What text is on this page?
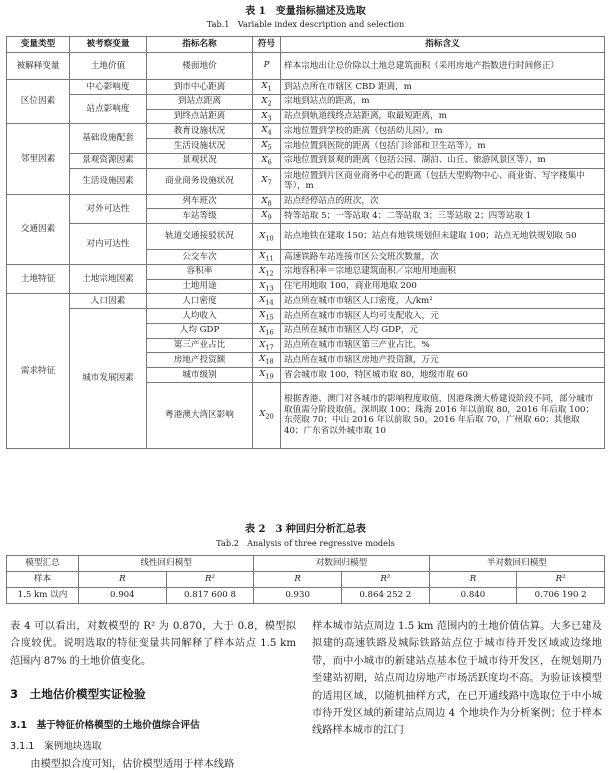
表 1　变量指标描述及选取
Tab.1　Variable index description and selection
变量类型	被考察变量	指标名称	符号	指标含义
被解释变量	土地价值	楼面地价	P	样本宗地出让总价除以土地总建筑面积（采用房地产指数进行时间修正）
区位因素	中心影响度	到市中心距离	$X_1$	到站点所在市辖区 CBD 距离，m
	站点影响度	到站点距离	$X_2$	宗地到站点的距离，m
		到终点站距离	$X_3$	站点到轨道线终点站距离，取最短距离，m
邻里因素	基础设施配套	教育设施状况	$X_4$	宗地位置到学校的距离（包括幼儿园），m
		生活设施状况	$X_5$	宗地位置到医院的距离（包括门诊部和卫生站等），m
	景观资源因素	景观状况	$X_6$	宗地位置到景观的距离（包括公园、湖泊、山丘、旅游风景区等），m
	生活设施因素	商业商务设施状况	$X_7$	宗地位置到片区商业商务中心的距离（包括大型购物中心、商业街、写字楼集中等），m
交通因素	对外可达性	列车班次	$X_8$	站点经停站点的班次，次
		车站等级	$X_9$	特等站取 5；一等站取 4；二等站取 3；三等站取 2；四等站取 1
	对内可达性	轨道交通接驳状况	$X_{10}$	站点地铁在建取 150；站点有地铁规划但未建取 100；站点无地铁规划取 50
		公交车次	$X_{11}$	高速铁路车站连接市区公交班次数量，次
土地特征	土地宗地因素	容积率	$X_{12}$	宗地容积率＝宗地总建筑面积／宗地用地面积
		土地用途	$X_{13}$	住宅用地取 100，商业用地取 200
需求特征	人口因素	人口密度	$X_{14}$	站点所在城市市辖区人口密度，人/km²
	城市发展因素	人均收入	$X_{15}$	站点所在城市市辖区人均可支配收入，元
		人均 GDP	$X_{16}$	站点所在城市市辖区人均 GDP，元
		第三产业占比	$X_{17}$	站点所在城市市辖区第三产业占比，%
		房地产投资额	$X_{18}$	站点所在城市市辖区房地产投资额，万元
		城市级别	$X_{19}$	省会城市取 100，特区城市取 80，地级市取 60
		粤港澳大湾区影响	$X_{20}$	根据香港、澳门对各城市的影响程度取值，因港珠澳大桥建设阶段不同，部分城市取值需分阶段取值。深圳取 100；珠海 2016 年以前取 80，2016 年后取 100；东莞取 70；中山 2016 年以前取 50，2016 年后取 70，广州取 60；其他取 40；广东省以外城市取 10
表 2　3 种回归分析汇总表
Tab.2　Analysis of three regressive models
模型汇总	线性回归模型		对数回归模型		半对数回归模型	
样本	R	R²	R	R²	R	R²
1.5 km 以内	0.904	0.817 600 8	0.930	0.864 252 2	0.840	0.706 190 2

表 4 可以看出，对数模型的 R² 为 0.870，大于 0.8，模型拟合度较优。说明选取的特征变量共同解释了样本站点 1.5 km 范围内 87% 的土地价值变化。

样本城市站点周边 1.5 km 范围内的土地价值估算。大多已建及拟建的高速铁路及城际铁路站点位于城市待开发区域或边缘地带，而中小城市的新建站点基本位于城市待开发区，在规划期乃至建站初期，站点周边房地产市场活跃度均不高。为验证该模型的适用区域，以随机抽样方式，在已开通线路中选取位于中小城市待开发区域的新建站点周边 4 个地块作为分析案例；位于样本线路样本城市的江门

3　土地估价模型实证检验
3.1　基于特征价格模型的土地价值综合评估
3.1.1　案例地块选取
由模型拟合度可知，估价模型适用于样本线路
